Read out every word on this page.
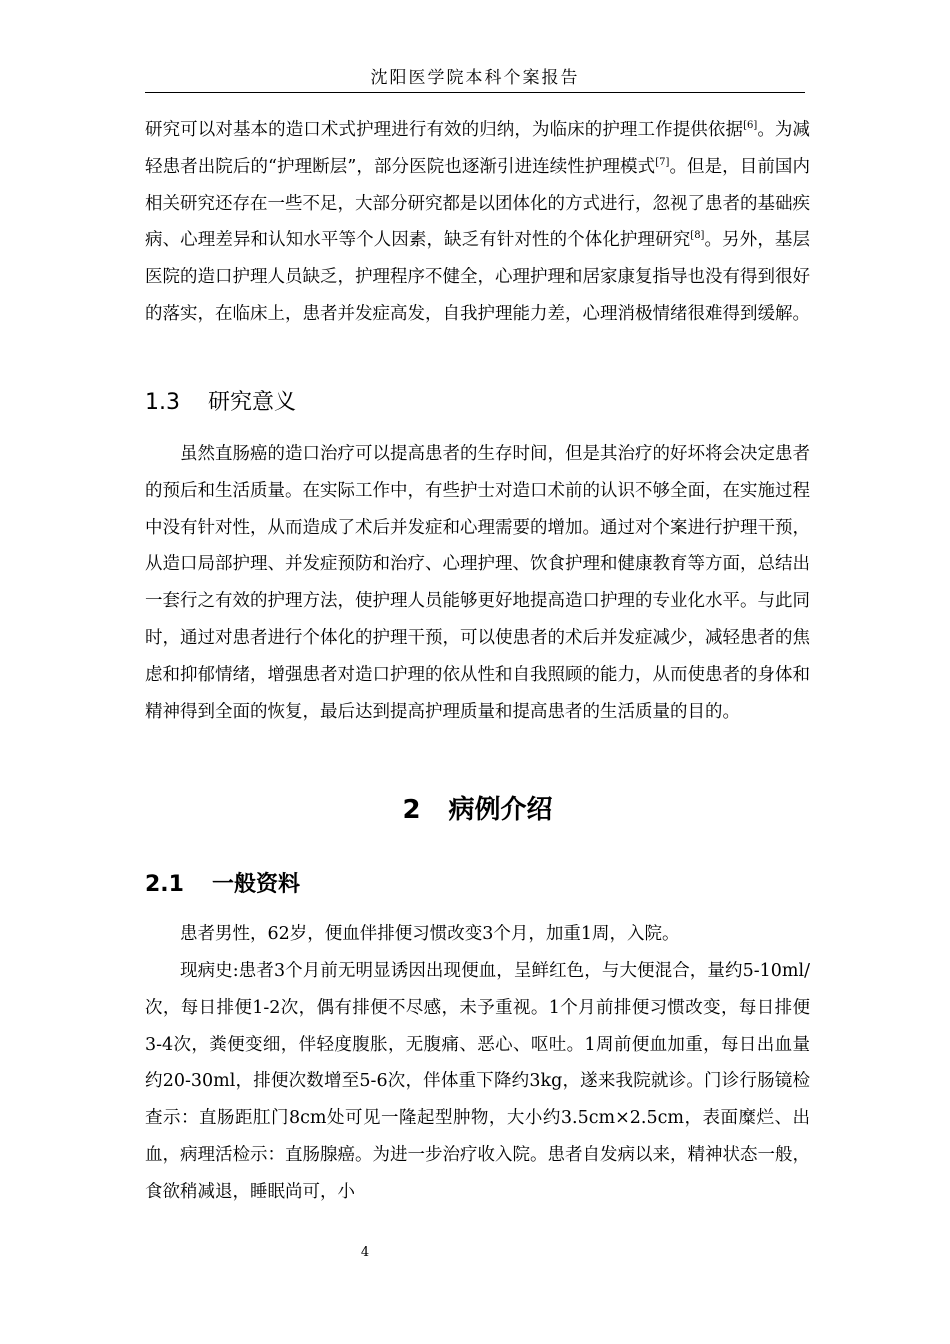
沈阳医学院本科个案报告

研究可以对基本的造口术式护理进行有效的归纳，为临床的护理工作提供依据[6]。为减轻患者出院后的“护理断层”，部分医院也逐渐引进连续性护理模式[7]。但是，目前国内相关研究还存在一些不足，大部分研究都是以团体化的方式进行，忽视了患者的基础疾病、心理差异和认知水平等个人因素，缺乏有针对性的个体化护理研究[8]。另外，基层医院的造口护理人员缺乏，护理程序不健全，心理护理和居家康复指导也没有得到很好的落实，在临床上，患者并发症高发，自我护理能力差，心理消极情绪很难得到缓解。

1.3 研究意义

虽然直肠癌的造口治疗可以提高患者的生存时间，但是其治疗的好坏将会决定患者的预后和生活质量。在实际工作中，有些护士对造口术前的认识不够全面，在实施过程中没有针对性，从而造成了术后并发症和心理需要的增加。通过对个案进行护理干预，从造口局部护理、并发症预防和治疗、心理护理、饮食护理和健康教育等方面，总结出一套行之有效的护理方法，使护理人员能够更好地提高造口护理的专业化水平。与此同时，通过对患者进行个体化的护理干预，可以使患者的术后并发症减少，减轻患者的焦虑和抑郁情绪，增强患者对造口护理的依从性和自我照顾的能力，从而使患者的身体和精神得到全面的恢复，最后达到提高护理质量和提高患者的生活质量的目的。

2 病例介绍
2.1 一般资料

患者男性，62岁，便血伴排便习惯改变3个月，加重1周，入院。

现病史:患者3个月前无明显诱因出现便血，呈鲜红色，与大便混合，量约5-10ml/次，每日排便1-2次，偶有排便不尽感，未予重视。1个月前排便习惯改变，每日排便3-4次，粪便变细，伴轻度腹胀，无腹痛、恶心、呕吐。1周前便血加重，每日出血量约20-30ml，排便次数增至5-6次，伴体重下降约3kg，遂来我院就诊。门诊行肠镜检查示：直肠距肛门8cm处可见一隆起型肿物，大小约3.5cm×2.5cm，表面糜烂、出血，病理活检示：直肠腺癌。为进一步治疗收入院。患者自发病以来，精神状态一般，食欲稍减退，睡眠尚可，小

4
